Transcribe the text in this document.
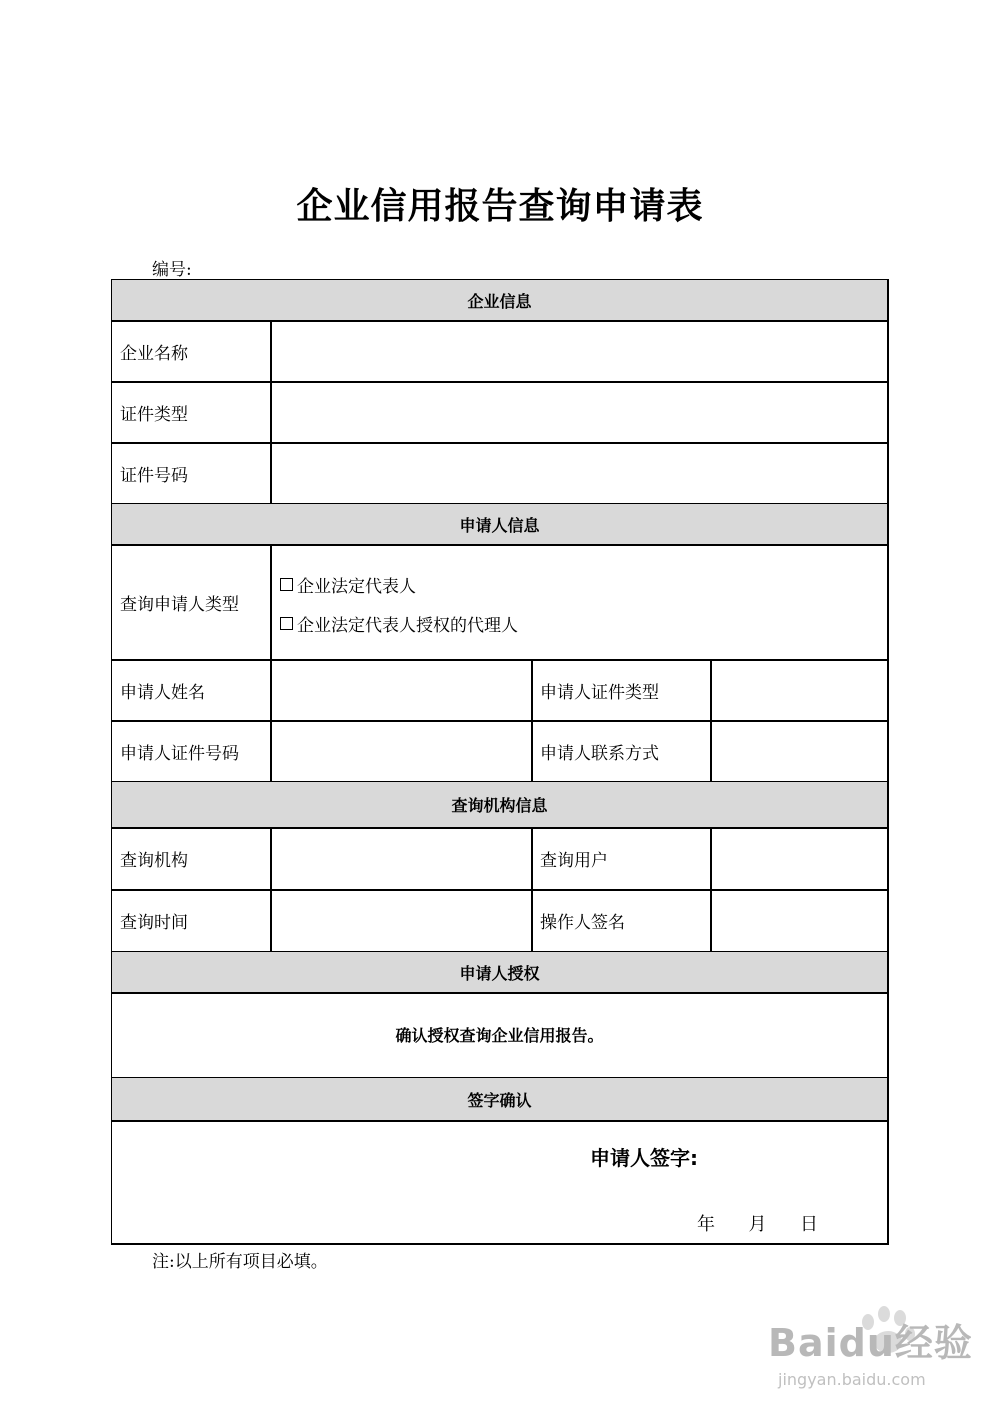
企业信用报告查询申请表
编号:
企业信息
企业名称
证件类型
证件号码
申请人信息
查询申请人类型
企业法定代表人
企业法定代表人授权的代理人
申请人姓名	申请人证件类型
申请人证件号码	申请人联系方式
查询机构信息
查询机构	查询用户
查询时间	操作人签名
申请人授权
确认授权查询企业信用报告。
签字确认
申请人签字:
年 月 日
注:以上所有项目必填。
Baidu经验
jingyan.baidu.com
